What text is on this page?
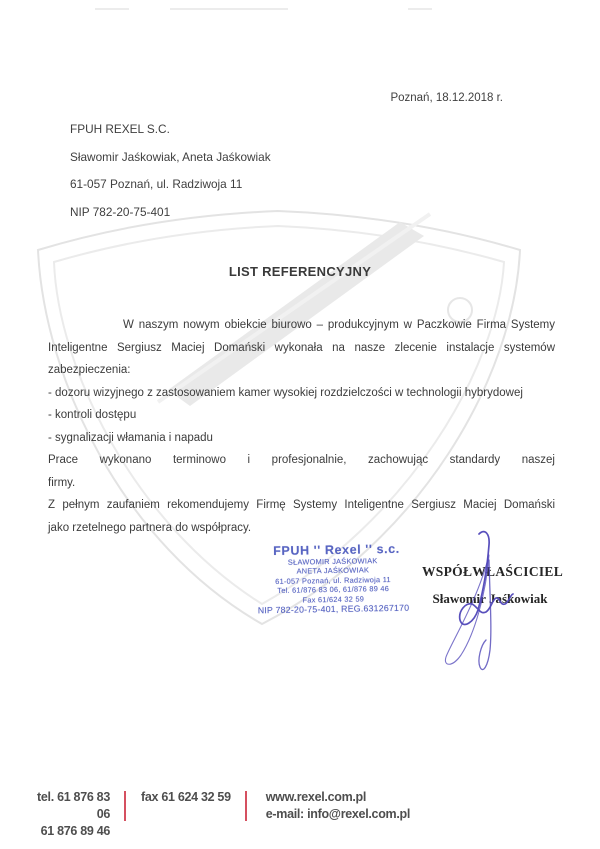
Poznań, 18.12.2018 r.
FPUH REXEL S.C.
Sławomir Jaśkowiak, Aneta Jaśkowiak
61-057 Poznań, ul. Radziwoja 11
NIP 782-20-75-401
LIST REFERENCYJNY
W naszym nowym obiekcie biurowo – produkcyjnym w Paczkowie Firma Systemy
Inteligentne Sergiusz Maciej Domański wykonała na nasze zlecenie instalacje systemów
zabezpieczenia:
- dozoru wizyjnego z zastosowaniem kamer wysokiej rozdzielczości w technologii hybrydowej
- kontroli dostępu
- sygnalizacji włamania i napadu
Prace wykonano terminowo i profesjonalnie, zachowując standardy naszej
firmy.
Z pełnym zaufaniem rekomendujemy Firmę Systemy Inteligentne Sergiusz Maciej Domański
jako rzetelnego partnera do współpracy.
FPUH '' Rexel '' s.c.
SŁAWOMIR JAŚKOWIAK
ANETA JAŚKOWIAK
61-057 Poznań, ul. Radziwoja 11
Tel. 61/876 83 06, 61/876 89 46
Fax 61/624 32 59
NIP 782-20-75-401, REG.631267170
WSPÓŁWŁAŚCICIEL
Sławomir Jaśkowiak
tel. 61 876 83 06
61 876 89 46
fax 61 624 32 59	www.rexel.com.pl
e-mail: info@rexel.com.pl
